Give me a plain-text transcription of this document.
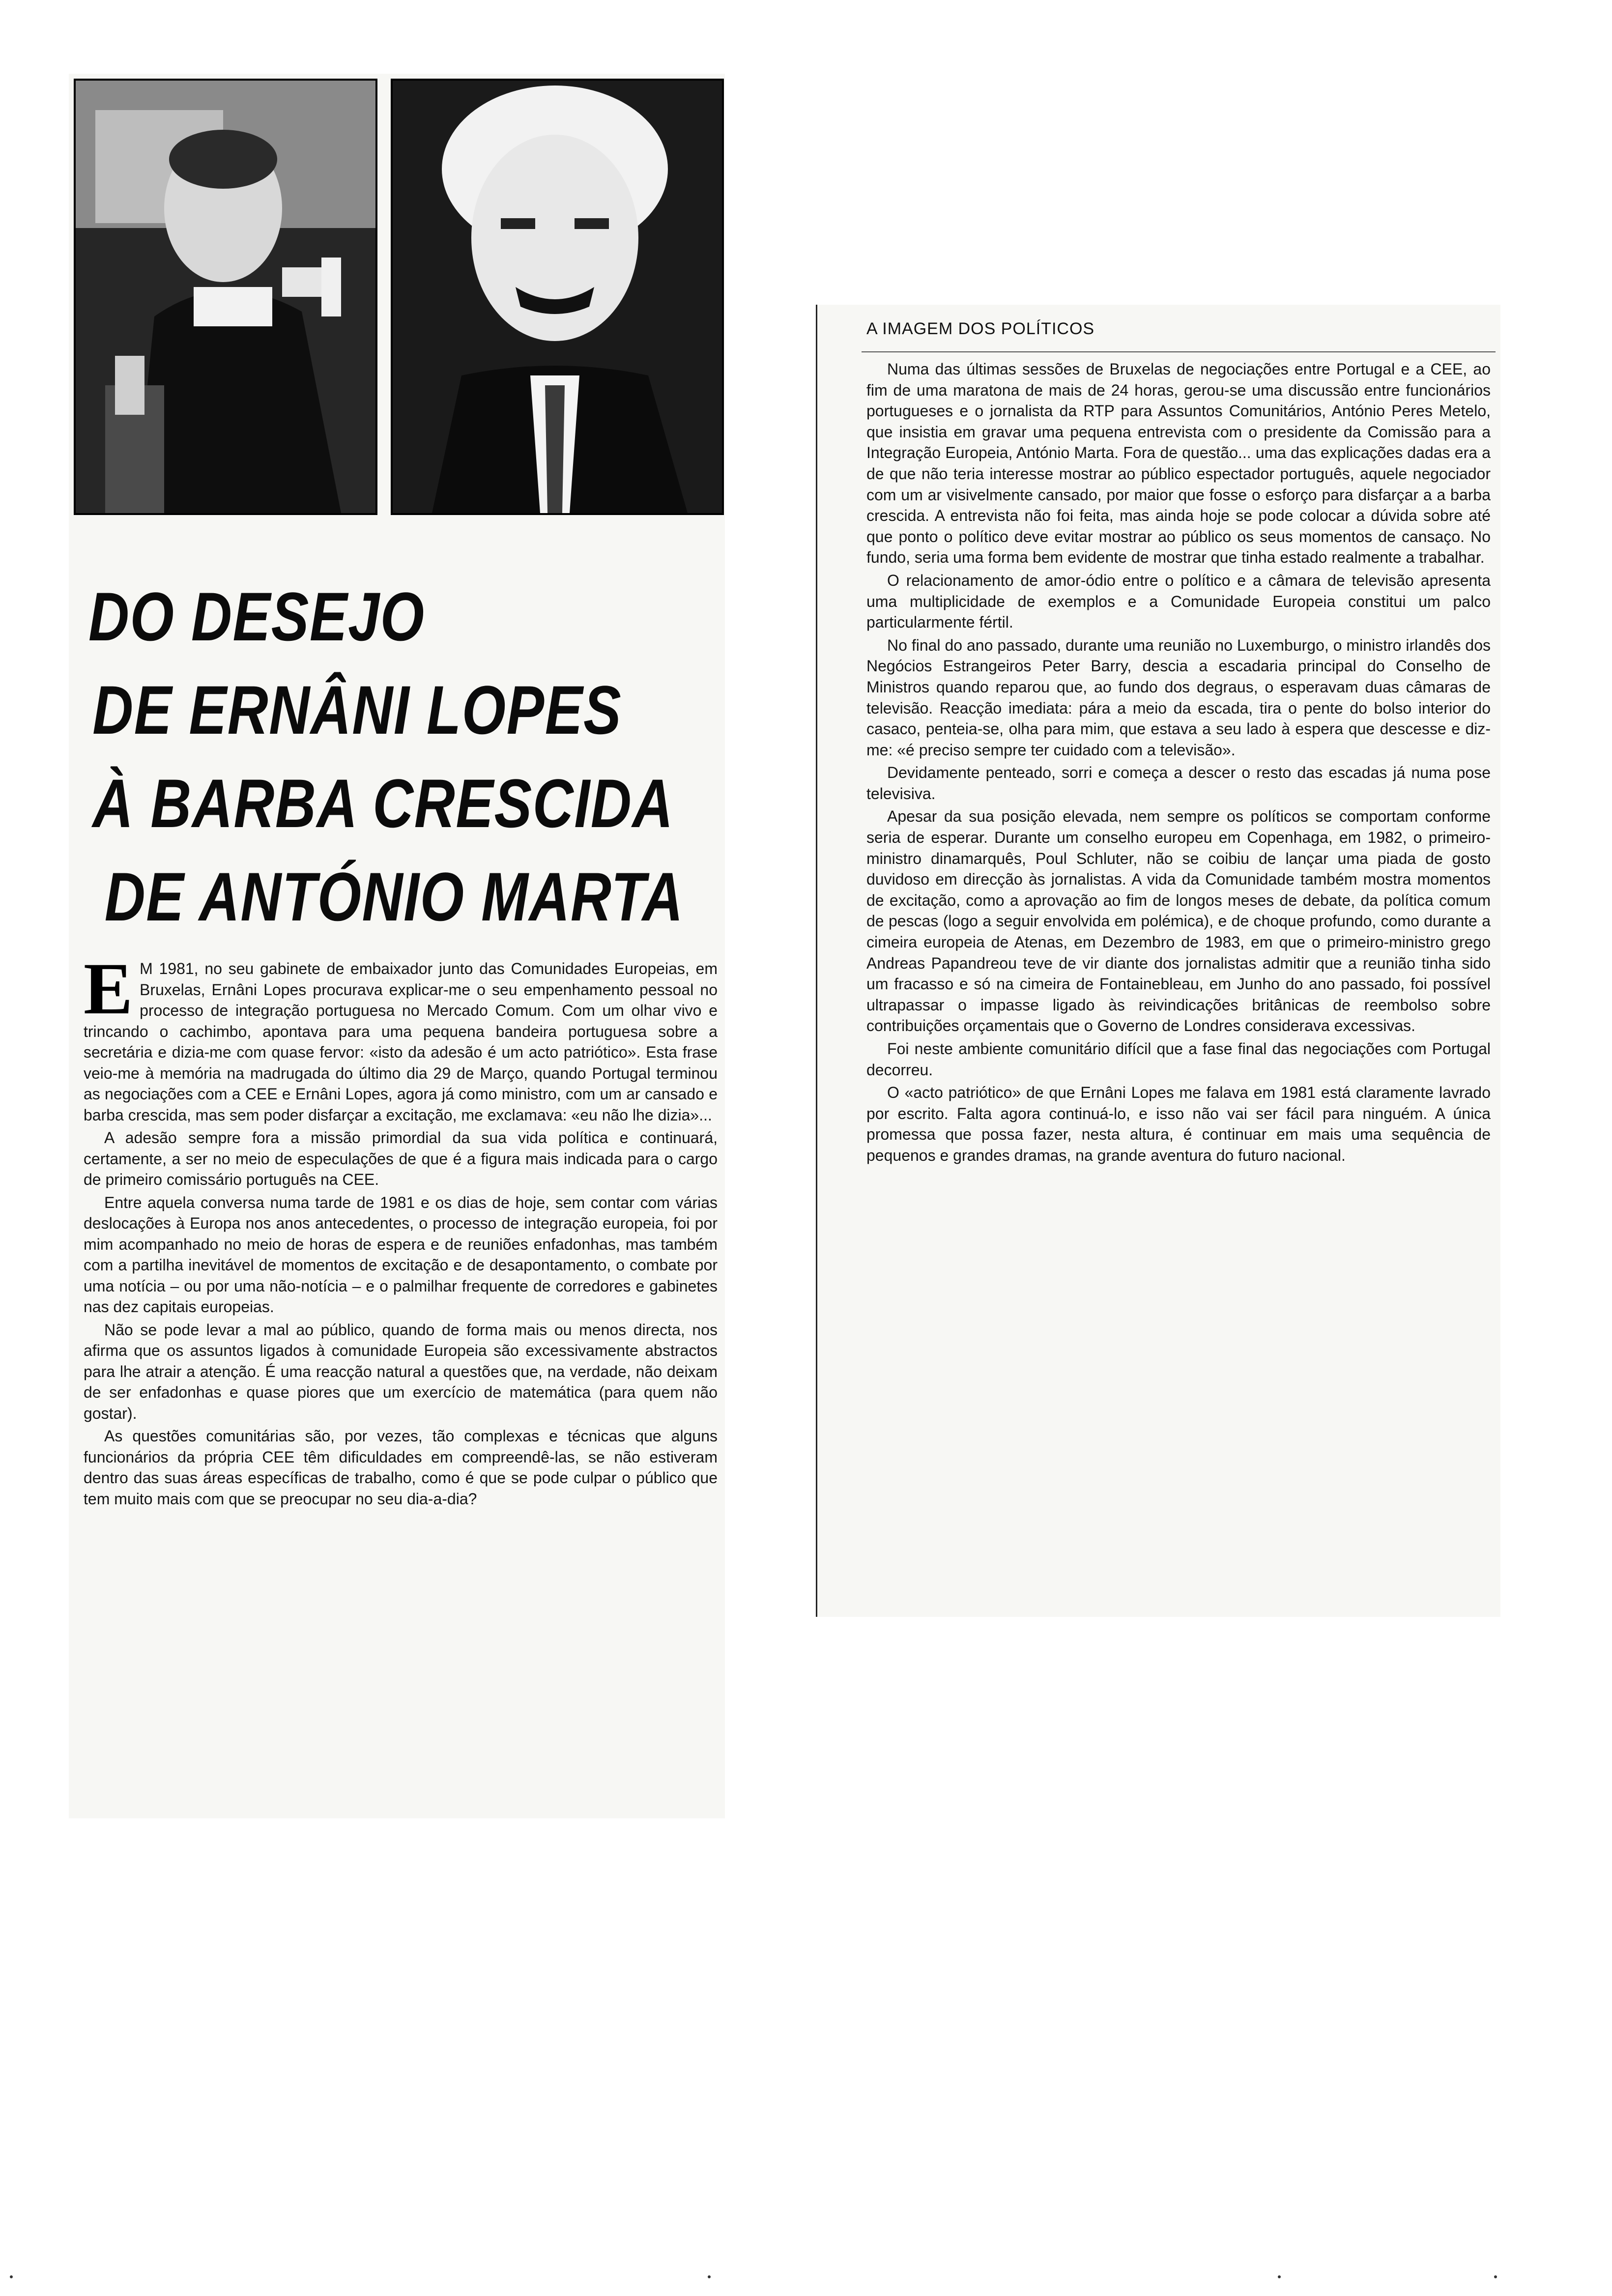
DO DESEJO
DE ERNÂNI LOPES
À BARBA CRESCIDA
DE ANTÓNIO MARTA

E M 1981, no seu gabinete de embaixador junto das Comunidades Europeias, em Bruxelas, Ernâni Lopes procurava explicar-me o seu empenhamento pessoal no processo de integração portuguesa no Mercado Comum. Com um olhar vivo e trincando o cachimbo, apontava para uma pequena bandeira portuguesa sobre a secretária e dizia-me com quase fervor: «isto da adesão é um acto patriótico». Esta frase veio-me à memória na madrugada do último dia 29 de Março, quando Portugal terminou as negociações com a CEE e Ernâni Lopes, agora já como ministro, com um ar cansado e barba crescida, mas sem poder disfarçar a excitação, me exclamava: «eu não lhe dizia»...

A adesão sempre fora a missão primordial da sua vida política e continuará, certamente, a ser no meio de especulações de que é a figura mais indicada para o cargo de primeiro comissário português na CEE.

Entre aquela conversa numa tarde de 1981 e os dias de hoje, sem contar com várias deslocações à Europa nos anos antecedentes, o processo de integração europeia, foi por mim acompanhado no meio de horas de espera e de reuniões enfadonhas, mas também com a partilha inevitável de momentos de excitação e de desapontamento, o combate por uma notícia – ou por uma não-notícia – e o palmilhar frequente de corredores e gabinetes nas dez capitais europeias.

Não se pode levar a mal ao público, quando de forma mais ou menos directa, nos afirma que os assuntos ligados à comunidade Europeia são excessivamente abstractos para lhe atrair a atenção. É uma reacção natural a questões que, na verdade, não deixam de ser enfadonhas e quase piores que um exercício de matemática (para quem não gostar).

As questões comunitárias são, por vezes, tão complexas e técnicas que alguns funcionários da própria CEE têm dificuldades em compreendê-las, se não estiveram dentro das suas áreas específicas de trabalho, como é que se pode culpar o público que tem muito mais com que se preocupar no seu dia-a-dia?

A IMAGEM DOS POLÍTICOS

Numa das últimas sessões de Bruxelas de negociações entre Portugal e a CEE, ao fim de uma maratona de mais de 24 horas, gerou-se uma discussão entre funcionários portugueses e o jornalista da RTP para Assuntos Comunitários, António Peres Metelo, que insistia em gravar uma pequena entrevista com o presidente da Comissão para a Integração Europeia, António Marta. Fora de questão... uma das explicações dadas era a de que não teria interesse mostrar ao público espectador português, aquele negociador com um ar visivelmente cansado, por maior que fosse o esforço para disfarçar a a barba crescida. A entrevista não foi feita, mas ainda hoje se pode colocar a dúvida sobre até que ponto o político deve evitar mostrar ao público os seus momentos de cansaço. No fundo, seria uma forma bem evidente de mostrar que tinha estado realmente a trabalhar.

O relacionamento de amor-ódio entre o político e a câmara de televisão apresenta uma multiplicidade de exemplos e a Comunidade Europeia constitui um palco particularmente fértil.

No final do ano passado, durante uma reunião no Luxemburgo, o ministro irlandês dos Negócios Estrangeiros Peter Barry, descia a escadaria principal do Conselho de Ministros quando reparou que, ao fundo dos degraus, o esperavam duas câmaras de televisão. Reacção imediata: pára a meio da escada, tira o pente do bolso interior do casaco, penteia-se, olha para mim, que estava a seu lado à espera que descesse e diz-me: «é preciso sempre ter cuidado com a televisão».

Devidamente penteado, sorri e começa a descer o resto das escadas já numa pose televisiva.

Apesar da sua posição elevada, nem sempre os políticos se comportam conforme seria de esperar. Durante um conselho europeu em Copenhaga, em 1982, o primeiro-ministro dinamarquês, Poul Schluter, não se coibiu de lançar uma piada de gosto duvidoso em direcção às jornalistas. A vida da Comunidade também mostra momentos de excitação, como a aprovação ao fim de longos meses de debate, da política comum de pescas (logo a seguir envolvida em polémica), e de choque profundo, como durante a cimeira europeia de Atenas, em Dezembro de 1983, em que o primeiro-ministro grego Andreas Papandreou teve de vir diante dos jornalistas admitir que a reunião tinha sido um fracasso e só na cimeira de Fontainebleau, em Junho do ano passado, foi possível ultrapassar o impasse ligado às reivindicações britânicas de reembolso sobre contribuições orçamentais que o Governo de Londres considerava excessivas.

Foi neste ambiente comunitário difícil que a fase final das negociações com Portugal decorreu.

O «acto patriótico» de que Ernâni Lopes me falava em 1981 está claramente lavrado por escrito. Falta agora continuá-lo, e isso não vai ser fácil para ninguém. A única promessa que possa fazer, nesta altura, é continuar em mais uma sequência de pequenos e grandes dramas, na grande aventura do futuro nacional.
